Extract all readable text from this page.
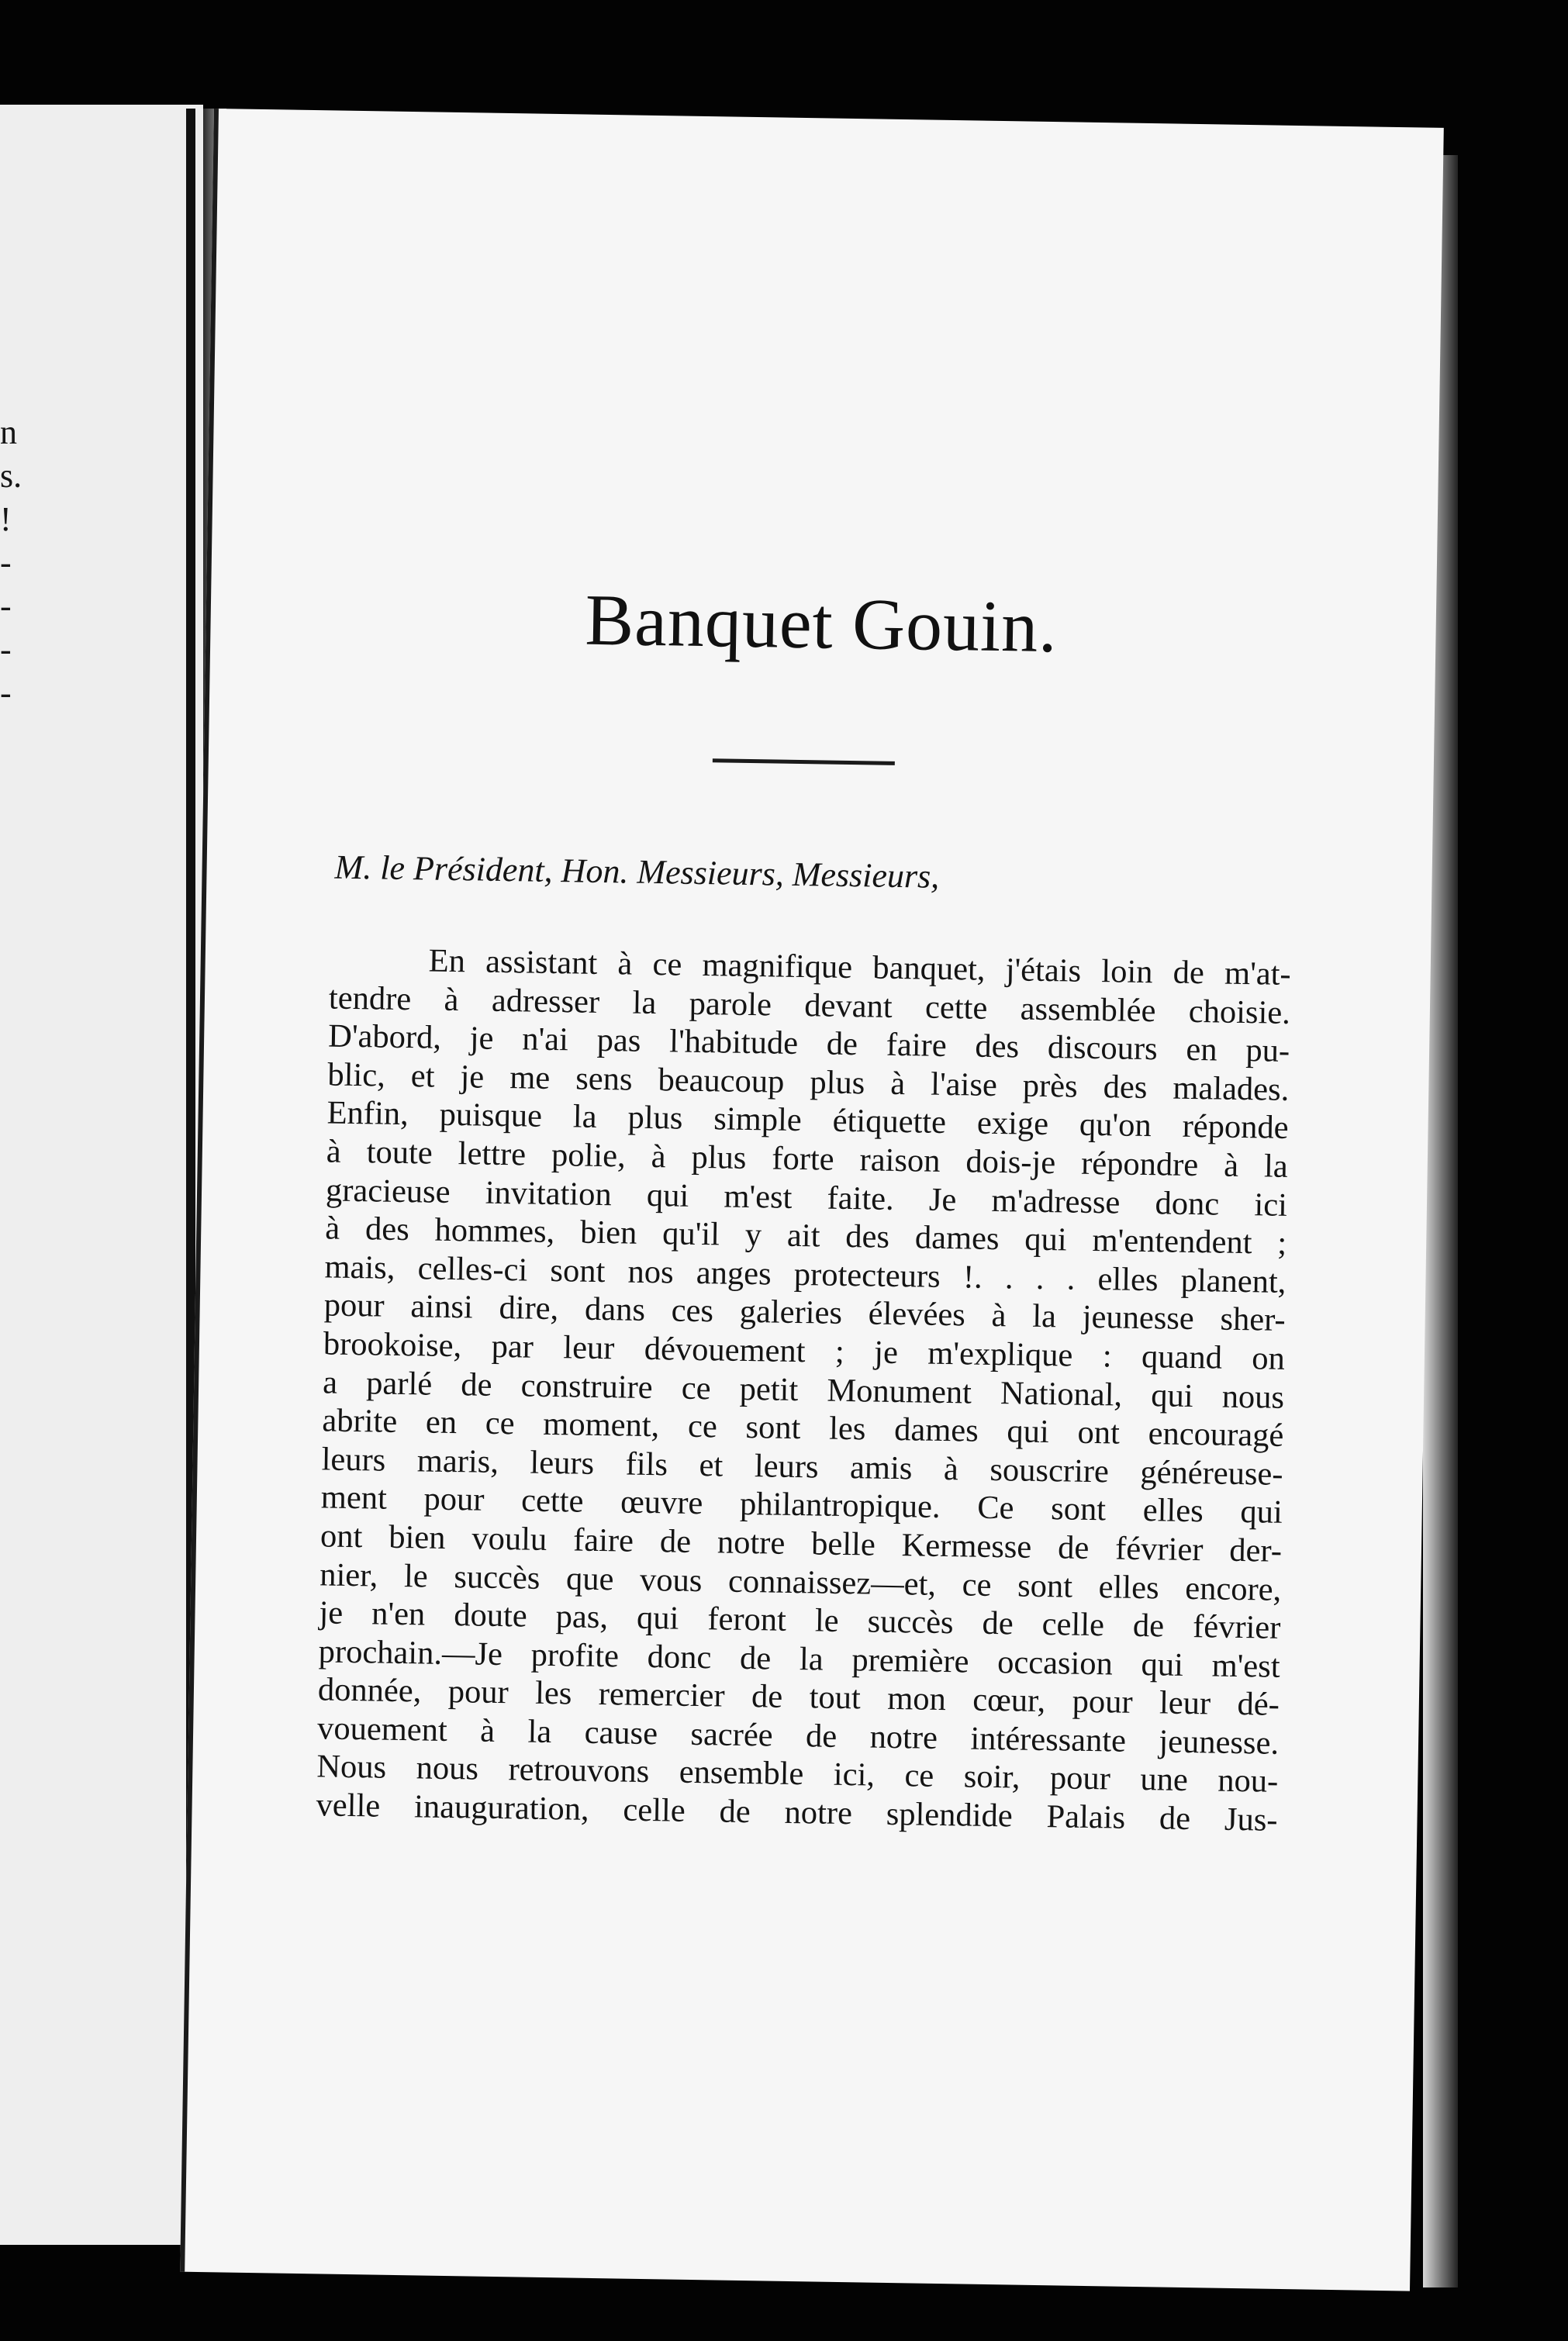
n
s.
!
-
-
-
-
Banquet Gouin.
M. le Président, Hon. Messieurs, Messieurs,
En assistant à ce magnifique banquet, j'étais loin de m'at-
tendre à adresser la parole devant cette assemblée choisie.
D'abord, je n'ai pas l'habitude de faire des discours en pu-
blic, et je me sens beaucoup plus à l'aise près des malades.
Enfin, puisque la plus simple étiquette exige qu'on réponde
à toute lettre polie, à plus forte raison dois-je répondre à la
gracieuse invitation qui m'est faite. Je m'adresse donc ici
à des hommes, bien qu'il y ait des dames qui m'entendent ;
mais, celles-ci sont nos anges protecteurs !. . . . elles planent,
pour ainsi dire, dans ces galeries élevées à la jeunesse sher-
brookoise, par leur dévouement ; je m'explique : quand on
a parlé de construire ce petit Monument National, qui nous
abrite en ce moment, ce sont les dames qui ont encouragé
leurs maris, leurs fils et leurs amis à souscrire généreuse-
ment pour cette œuvre philantropique. Ce sont elles qui
ont bien voulu faire de notre belle Kermesse de février der-
nier, le succès que vous connaissez—et, ce sont elles encore,
je n'en doute pas, qui feront le succès de celle de février
prochain.—Je profite donc de la première occasion qui m'est
donnée, pour les remercier de tout mon cœur, pour leur dé-
vouement à la cause sacrée de notre intéressante jeunesse.
Nous nous retrouvons ensemble ici, ce soir, pour une nou-
velle inauguration, celle de notre splendide Palais de Jus-
